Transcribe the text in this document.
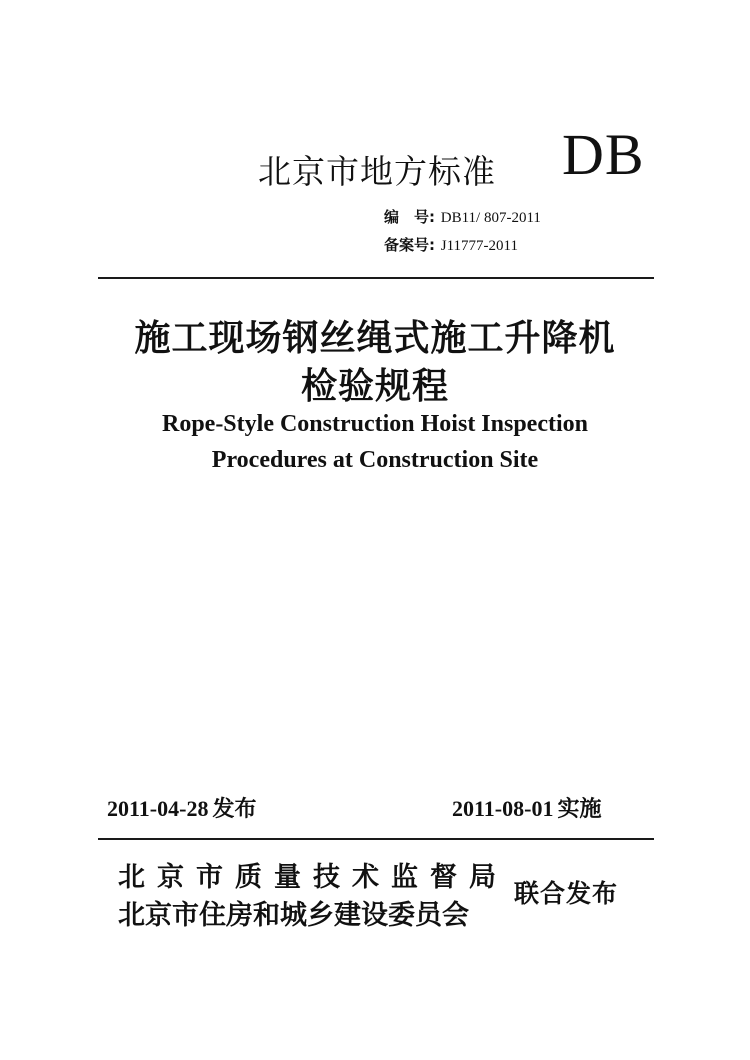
北京市地方标准 DB
编　号: DB11/ 807-2011
备案号: J11777-2011
施工现场钢丝绳式施工升降机
检验规程
Rope-Style Construction Hoist Inspection
Procedures at Construction Site
2011-04-28 发布	2011-08-01 实施
北京市质量技术监督局
北京市住房和城乡建设委员会
联合发布
